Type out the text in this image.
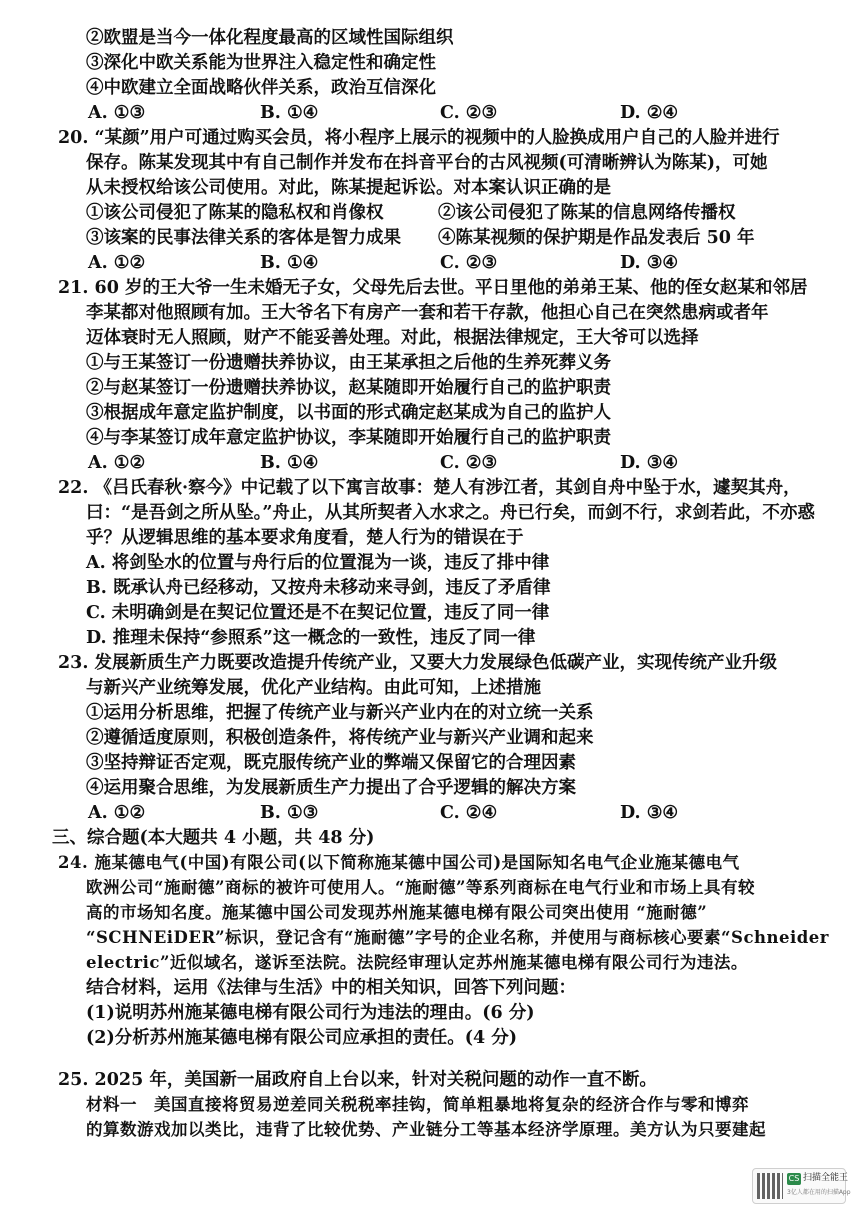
②欧盟是当今一体化程度最高的区域性国际组织
③深化中欧关系能为世界注入稳定性和确定性
④中欧建立全面战略伙伴关系，政治互信深化
A. ①③	B. ①④	C. ②③	D. ②④
20. “某颜”用户可通过购买会员，将小程序上展示的视频中的人脸换成用户自己的人脸并进行
保存。陈某发现其中有自己制作并发布在抖音平台的古风视频(可清晰辨认为陈某)，可她
从未授权给该公司使用。对此，陈某提起诉讼。对本案认识正确的是
①该公司侵犯了陈某的隐私权和肖像权	②该公司侵犯了陈某的信息网络传播权
③该案的民事法律关系的客体是智力成果 ④陈某视频的保护期是作品发表后 50 年
A. ①②	B. ①④	C. ②③	D. ③④
21. 60 岁的王大爷一生未婚无子女，父母先后去世。平日里他的弟弟王某、他的侄女赵某和邻居
李某都对他照顾有加。王大爷名下有房产一套和若干存款，他担心自己在突然患病或者年
迈体衰时无人照顾，财产不能妥善处理。对此，根据法律规定，王大爷可以选择
①与王某签订一份遗赠扶养协议，由王某承担之后他的生养死葬义务
②与赵某签订一份遗赠扶养协议，赵某随即开始履行自己的监护职责
③根据成年意定监护制度，以书面的形式确定赵某成为自己的监护人
④与李某签订成年意定监护协议，李某随即开始履行自己的监护职责
A. ①②	B. ①④	C. ②③	D. ③④
22. 《吕氏春秋·察今》中记载了以下寓言故事：楚人有涉江者，其剑自舟中坠于水，遽契其舟，
曰：“是吾剑之所从坠。”舟止，从其所契者入水求之。舟已行矣，而剑不行，求剑若此，不亦惑
乎？从逻辑思维的基本要求角度看，楚人行为的错误在于
A. 将剑坠水的位置与舟行后的位置混为一谈，违反了排中律
B. 既承认舟已经移动，又按舟未移动来寻剑，违反了矛盾律
C. 未明确剑是在契记位置还是不在契记位置，违反了同一律
D. 推理未保持“参照系”这一概念的一致性，违反了同一律
23. 发展新质生产力既要改造提升传统产业，又要大力发展绿色低碳产业，实现传统产业升级
与新兴产业统筹发展，优化产业结构。由此可知，上述措施
①运用分析思维，把握了传统产业与新兴产业内在的对立统一关系
②遵循适度原则，积极创造条件，将传统产业与新兴产业调和起来
③坚持辩证否定观，既克服传统产业的弊端又保留它的合理因素
④运用聚合思维，为发展新质生产力提出了合乎逻辑的解决方案
A. ①②	B. ①③	C. ②④	D. ③④
三、综合题(本大题共 4 小题，共 48 分)
24. 施某德电气(中国)有限公司(以下简称施某德中国公司)是国际知名电气企业施某德电气
欧洲公司“施耐德”商标的被许可使用人。“施耐德”等系列商标在电气行业和市场上具有较
高的市场知名度。施某德中国公司发现苏州施某德电梯有限公司突出使用 “施耐德”
“SCHNEiDER”标识，登记含有“施耐德”字号的企业名称，并使用与商标核心要素“Schneider
electric”近似域名，遂诉至法院。法院经审理认定苏州施某德电梯有限公司行为违法。
结合材料，运用《法律与生活》中的相关知识，回答下列问题：
(1)说明苏州施某德电梯有限公司行为违法的理由。(6 分)
(2)分析苏州施某德电梯有限公司应承担的责任。(4 分)
25. 2025 年，美国新一届政府自上台以来，针对关税问题的动作一直不断。
材料一　美国直接将贸易逆差同关税税率挂钩，简单粗暴地将复杂的经济合作与零和博弈
的算数游戏加以类比，违背了比较优势、产业链分工等基本经济学原理。美方认为只要建起
CS 扫描全能王
3亿人都在用的扫描App
